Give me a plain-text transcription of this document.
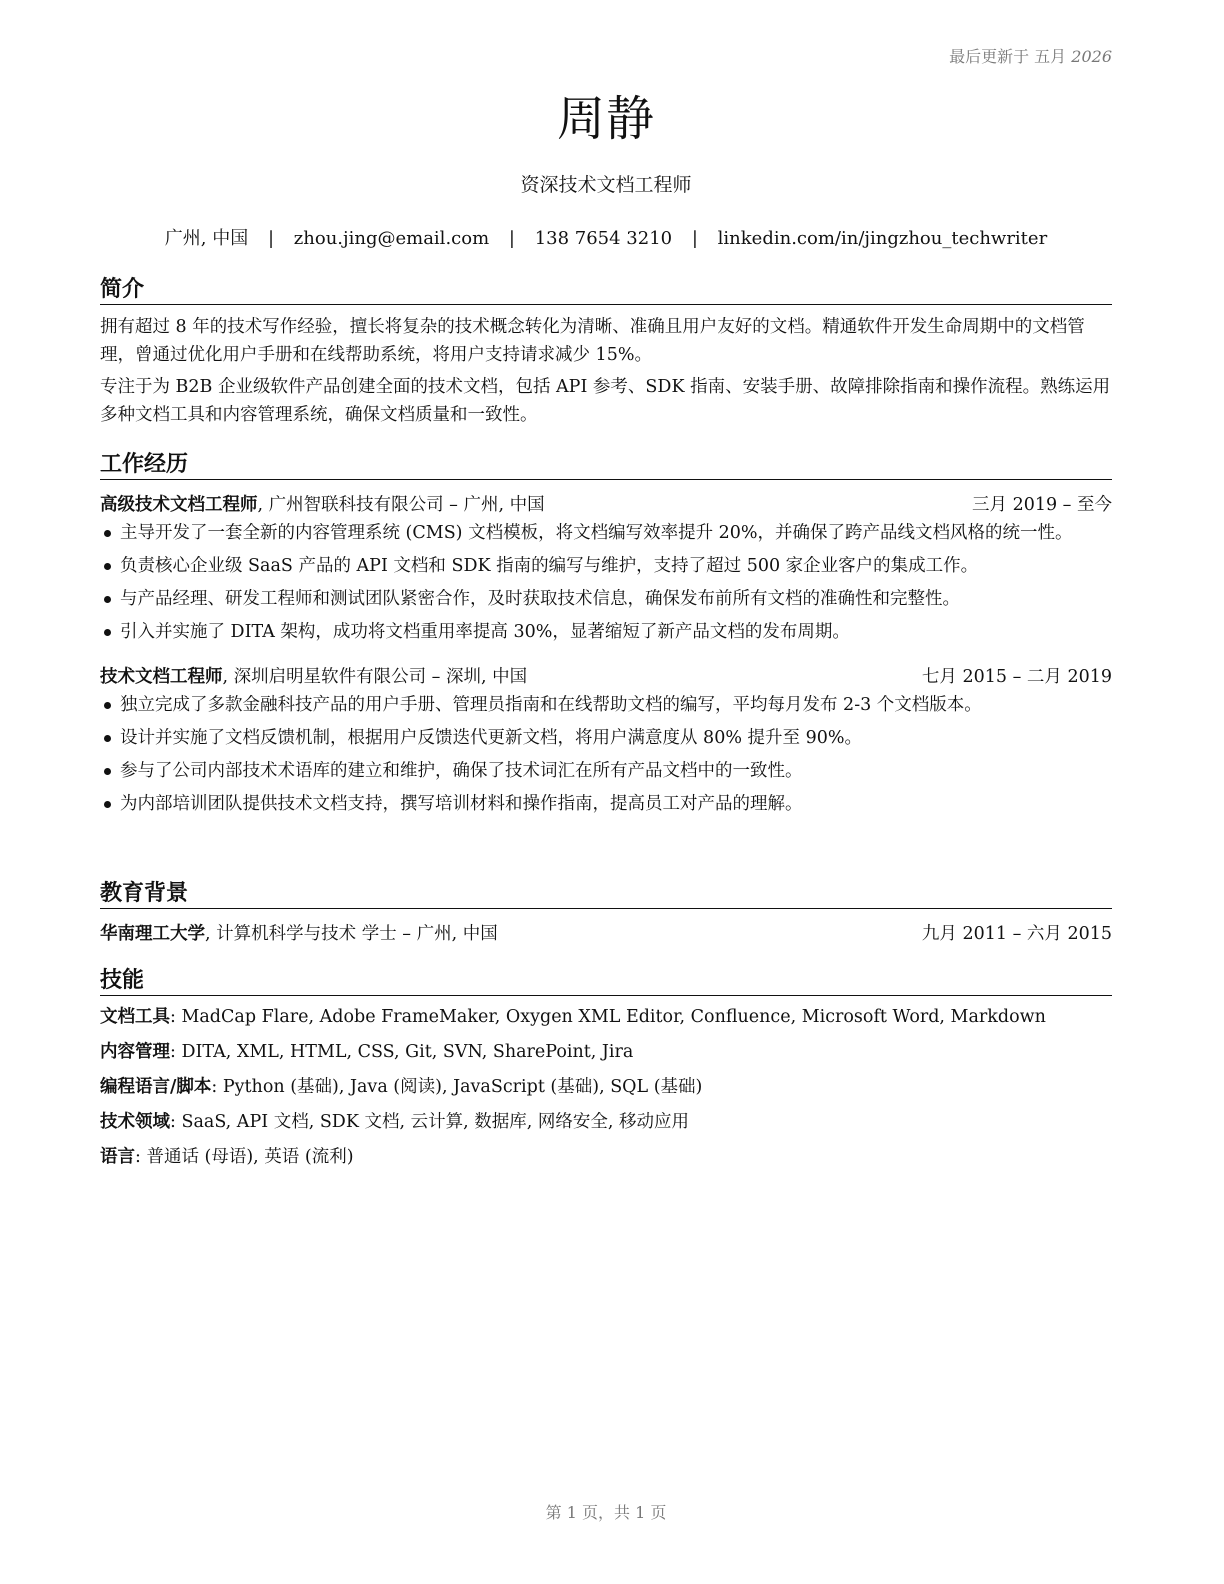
最后更新于 五月 2026
周静
资深技术文档工程师
广州, 中国 | zhou.jing@email.com | 138 7654 3210 | linkedin.com/in/jingzhou_techwriter
简介

拥有超过 8 年的技术写作经验，擅长将复杂的技术概念转化为清晰、准确且用户友好的文档。精通软件开发生命周期中的文档管理，曾通过优化用户手册和在线帮助系统，将用户支持请求减少 15%。

专注于为 B2B 企业级软件产品创建全面的技术文档，包括 API 参考、SDK 指南、安装手册、故障排除指南和操作流程。熟练运用多种文档工具和内容管理系统，确保文档质量和一致性。

工作经历
高级技术文档工程师, 广州智联科技有限公司 – 广州, 中国	三月 2019 – 至今
主导开发了一套全新的内容管理系统 (CMS) 文档模板，将文档编写效率提升 20%，并确保了跨产品线文档风格的统一性。
负责核心企业级 SaaS 产品的 API 文档和 SDK 指南的编写与维护，支持了超过 500 家企业客户的集成工作。
与产品经理、研发工程师和测试团队紧密合作，及时获取技术信息，确保发布前所有文档的准确性和完整性。
引入并实施了 DITA 架构，成功将文档重用率提高 30%，显著缩短了新产品文档的发布周期。
技术文档工程师, 深圳启明星软件有限公司 – 深圳, 中国	七月 2015 – 二月 2019
独立完成了多款金融科技产品的用户手册、管理员指南和在线帮助文档的编写，平均每月发布 2-3 个文档版本。
设计并实施了文档反馈机制，根据用户反馈迭代更新文档，将用户满意度从 80% 提升至 90%。
参与了公司内部技术术语库的建立和维护，确保了技术词汇在所有产品文档中的一致性。
为内部培训团队提供技术文档支持，撰写培训材料和操作指南，提高员工对产品的理解。
教育背景
华南理工大学, 计算机科学与技术 学士 – 广州, 中国	九月 2011 – 六月 2015
技能
文档工具: MadCap Flare, Adobe FrameMaker, Oxygen XML Editor, Confluence, Microsoft Word, Markdown
内容管理: DITA, XML, HTML, CSS, Git, SVN, SharePoint, Jira
编程语言/脚本: Python (基础), Java (阅读), JavaScript (基础), SQL (基础)
技术领域: SaaS, API 文档, SDK 文档, 云计算, 数据库, 网络安全, 移动应用
语言: 普通话 (母语), 英语 (流利)
第 1 页，共 1 页
